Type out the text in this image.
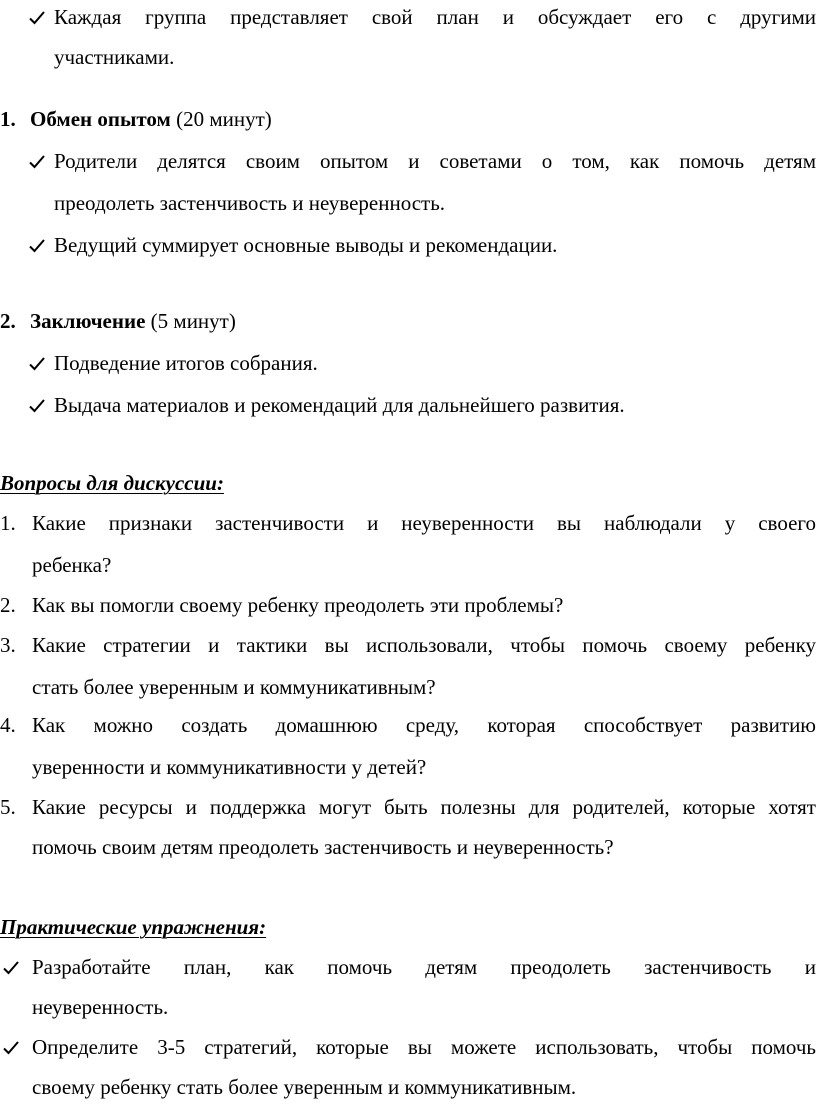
Каждая группа представляет свой план и обсуждает его с другими
участниками.
1. Обмен опытом (20 минут)
Родители делятся своим опытом и советами о том, как помочь детям
преодолеть застенчивость и неуверенность.
Ведущий суммирует основные выводы и рекомендации.
2. Заключение (5 минут)
Подведение итогов собрания.
Выдача материалов и рекомендаций для дальнейшего развития.
Вопросы для дискуссии:
1. Какие признаки застенчивости и неуверенности вы наблюдали у своего
ребенка?
2. Как вы помогли своему ребенку преодолеть эти проблемы?
3. Какие стратегии и тактики вы использовали, чтобы помочь своему ребенку
стать более уверенным и коммуникативным?
4. Как можно создать домашнюю среду, которая способствует развитию
уверенности и коммуникативности у детей?
5. Какие ресурсы и поддержка могут быть полезны для родителей, которые хотят
помочь своим детям преодолеть застенчивость и неуверенность?
Практические упражнения:
Разработайте план, как помочь детям преодолеть застенчивость и
неуверенность.
Определите 3-5 стратегий, которые вы можете использовать, чтобы помочь
своему ребенку стать более уверенным и коммуникативным.
